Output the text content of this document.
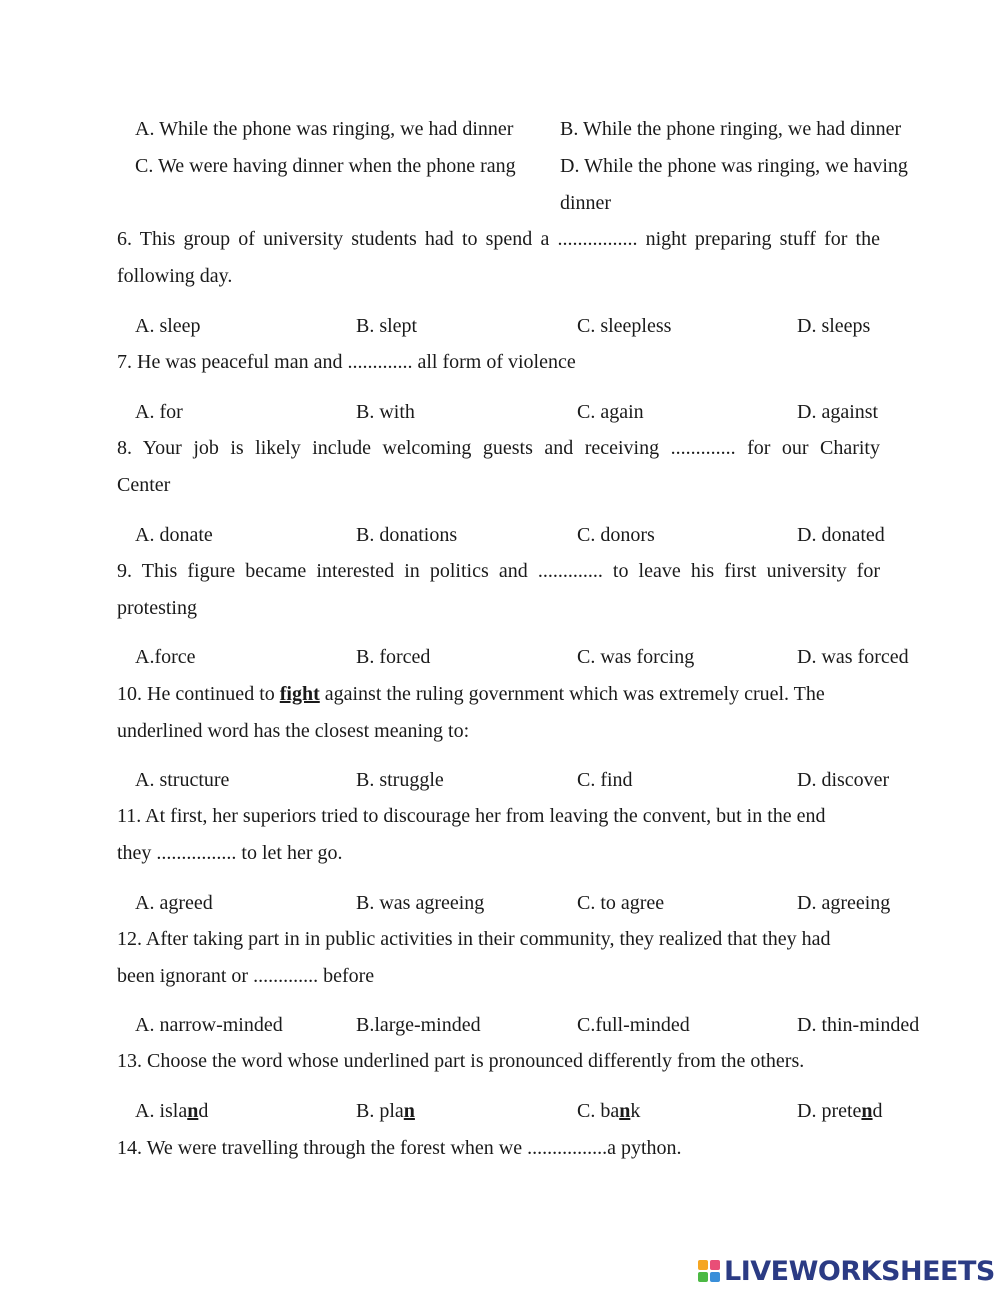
A. While the phone was ringing, we had dinner B. While the phone ringing, we had dinner
C. We were having dinner when the phone rang D. While the phone was ringing, we having
dinner
6. This group of university students had to spend a ................ night preparing stuff for the
following day.
A. sleep	B. slept	C. sleepless	D. sleeps
7. He was peaceful man and ............. all form of violence
A. for	B. with	C. again	D. against
8. Your job is likely include welcoming guests and receiving ............. for our Charity
Center
A. donate	B. donations	C. donors	D. donated
9. This figure became interested in politics and ............. to leave his first university for
protesting
A.force	B. forced	C. was forcing	D. was forced
10. He continued to fight against the ruling government which was extremely cruel. The
underlined word has the closest meaning to:
A. structure	B. struggle	C. find	D. discover
11. At first, her superiors tried to discourage her from leaving the convent, but in the end
they ................ to let her go.
A. agreed	B. was agreeing	C. to agree	D. agreeing
12. After taking part in in public activities in their community, they realized that they had
been ignorant or ............. before
A. narrow-minded	B.large-minded	C.full-minded	D. thin-minded
13. Choose the word whose underlined part is pronounced differently from the others.
A. island	B. plan	C. bank	D. pretend
14. We were travelling through the forest when we ................a python.
LIVEWORKSHEETS
